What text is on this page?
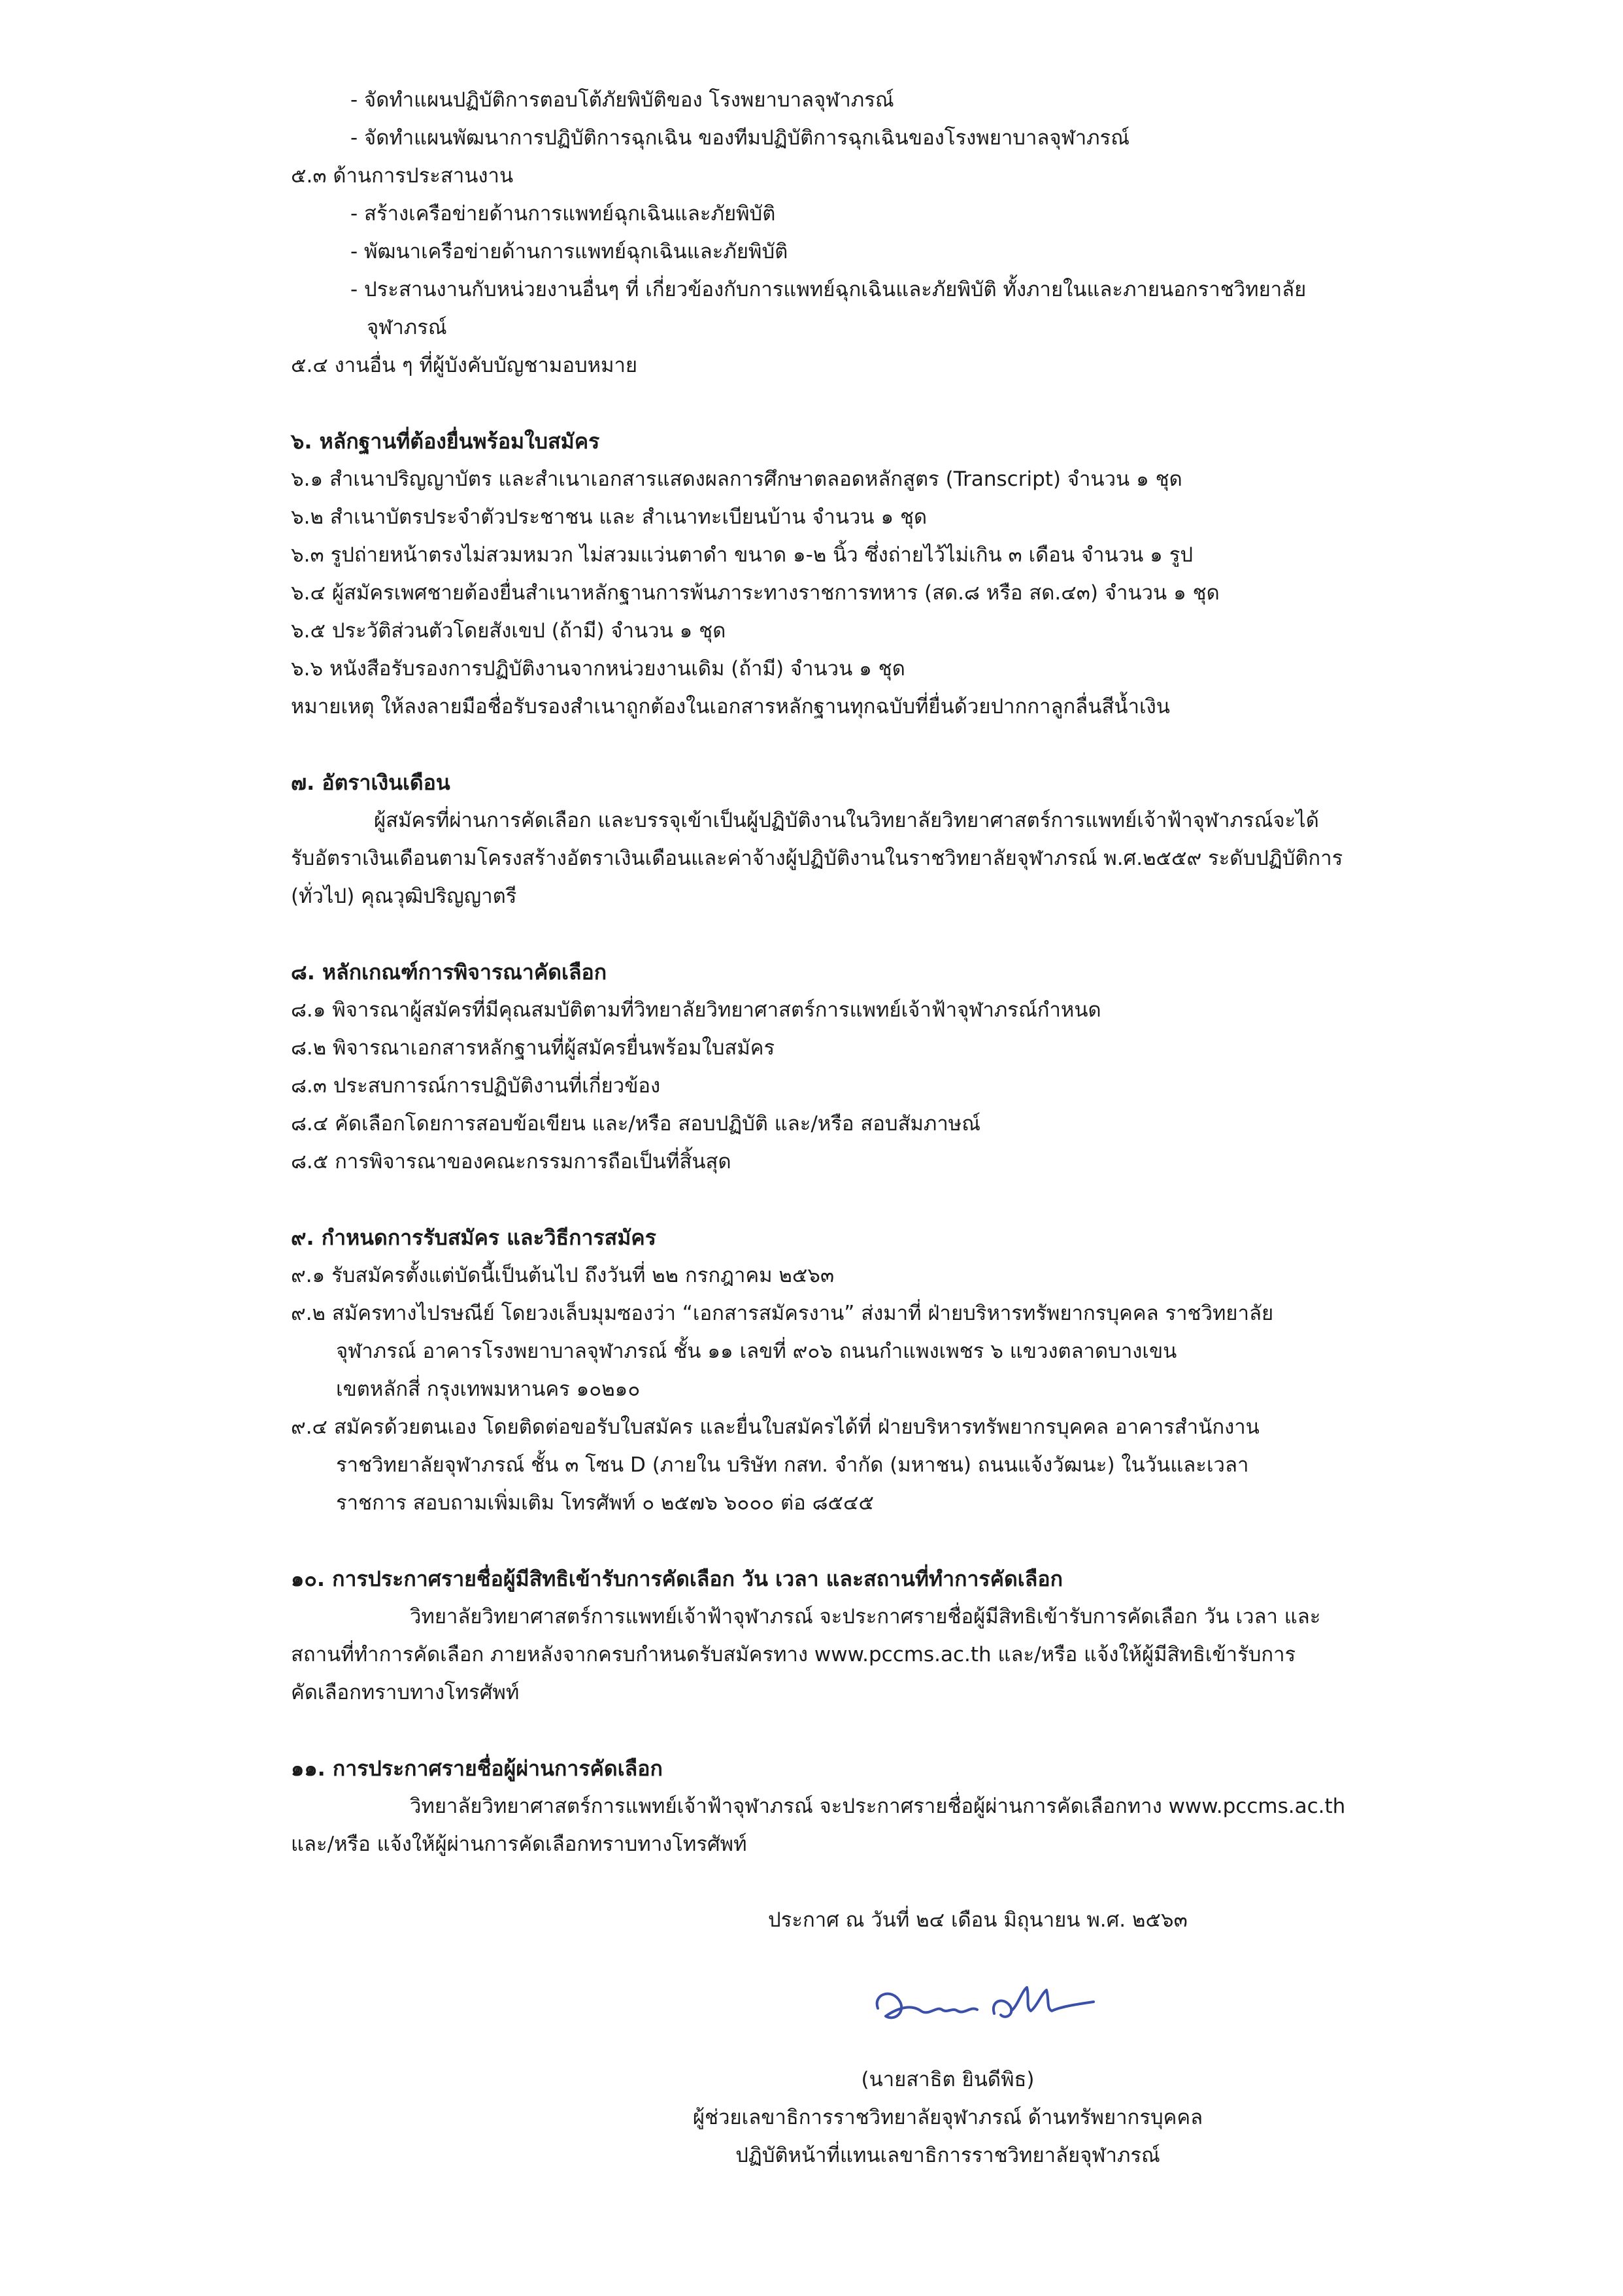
- จัดทำแผนปฏิบัติการตอบโต้ภัยพิบัติของ โรงพยาบาลจุฬาภรณ์
- จัดทำแผนพัฒนาการปฏิบัติการฉุกเฉิน ของทีมปฏิบัติการฉุกเฉินของโรงพยาบาลจุฬาภรณ์
๕.๓ ด้านการประสานงาน
- สร้างเครือข่ายด้านการแพทย์ฉุกเฉินและภัยพิบัติ
- พัฒนาเครือข่ายด้านการแพทย์ฉุกเฉินและภัยพิบัติ
- ประสานงานกับหน่วยงานอื่นๆ ที่ เกี่ยวข้องกับการแพทย์ฉุกเฉินและภัยพิบัติ ทั้งภายในและภายนอกราชวิทยาลัย
จุฬาภรณ์
๕.๔ งานอื่น ๆ ที่ผู้บังคับบัญชามอบหมาย
๖. หลักฐานที่ต้องยื่นพร้อมใบสมัคร
๖.๑ สำเนาปริญญาบัตร และสำเนาเอกสารแสดงผลการศึกษาตลอดหลักสูตร (Transcript) จำนวน ๑ ชุด
๖.๒ สำเนาบัตรประจำตัวประชาชน และ สำเนาทะเบียนบ้าน จำนวน ๑ ชุด
๖.๓ รูปถ่ายหน้าตรงไม่สวมหมวก ไม่สวมแว่นตาดำ ขนาด ๑-๒ นิ้ว ซึ่งถ่ายไว้ไม่เกิน ๓ เดือน จำนวน ๑ รูป
๖.๔ ผู้สมัครเพศชายต้องยื่นสำเนาหลักฐานการพ้นภาระทางราชการทหาร (สด.๘ หรือ สด.๔๓) จำนวน ๑ ชุด
๖.๕ ประวัติส่วนตัวโดยสังเขป (ถ้ามี) จำนวน ๑ ชุด
๖.๖ หนังสือรับรองการปฏิบัติงานจากหน่วยงานเดิม (ถ้ามี) จำนวน ๑ ชุด
หมายเหตุ ให้ลงลายมือชื่อรับรองสำเนาถูกต้องในเอกสารหลักฐานทุกฉบับที่ยื่นด้วยปากกาลูกลื่นสีน้ำเงิน
๗. อัตราเงินเดือน
ผู้สมัครที่ผ่านการคัดเลือก และบรรจุเข้าเป็นผู้ปฏิบัติงานในวิทยาลัยวิทยาศาสตร์การแพทย์เจ้าฟ้าจุฬาภรณ์จะได้
รับอัตราเงินเดือนตามโครงสร้างอัตราเงินเดือนและค่าจ้างผู้ปฏิบัติงานในราชวิทยาลัยจุฬาภรณ์ พ.ศ.๒๕๕๙ ระดับปฏิบัติการ
(ทั่วไป) คุณวุฒิปริญญาตรี
๘. หลักเกณฑ์การพิจารณาคัดเลือก
๘.๑ พิจารณาผู้สมัครที่มีคุณสมบัติตามที่วิทยาลัยวิทยาศาสตร์การแพทย์เจ้าฟ้าจุฬาภรณ์กำหนด
๘.๒ พิจารณาเอกสารหลักฐานที่ผู้สมัครยื่นพร้อมใบสมัคร
๘.๓ ประสบการณ์การปฏิบัติงานที่เกี่ยวข้อง
๘.๔ คัดเลือกโดยการสอบข้อเขียน และ/หรือ สอบปฏิบัติ และ/หรือ สอบสัมภาษณ์
๘.๕ การพิจารณาของคณะกรรมการถือเป็นที่สิ้นสุด
๙. กำหนดการรับสมัคร และวิธีการสมัคร
๙.๑ รับสมัครตั้งแต่บัดนี้เป็นต้นไป ถึงวันที่ ๒๒ กรกฎาคม ๒๕๖๓
๙.๒ สมัครทางไปรษณีย์ โดยวงเล็บมุมซองว่า “เอกสารสมัครงาน” ส่งมาที่ ฝ่ายบริหารทรัพยากรบุคคล ราชวิทยาลัย
จุฬาภรณ์ อาคารโรงพยาบาลจุฬาภรณ์ ชั้น ๑๑ เลขที่ ๙๐๖ ถนนกำแพงเพชร ๖ แขวงตลาดบางเขน
เขตหลักสี่ กรุงเทพมหานคร ๑๐๒๑๐
๙.๔ สมัครด้วยตนเอง โดยติดต่อขอรับใบสมัคร และยื่นใบสมัครได้ที่ ฝ่ายบริหารทรัพยากรบุคคล อาคารสำนักงาน
ราชวิทยาลัยจุฬาภรณ์ ชั้น ๓ โซน D (ภายใน บริษัท กสท. จำกัด (มหาชน) ถนนแจ้งวัฒนะ) ในวันและเวลา
ราชการ สอบถามเพิ่มเติม โทรศัพท์ ๐ ๒๕๗๖ ๖๐๐๐ ต่อ ๘๕๔๕
๑๐. การประกาศรายชื่อผู้มีสิทธิเข้ารับการคัดเลือก วัน เวลา และสถานที่ทำการคัดเลือก
วิทยาลัยวิทยาศาสตร์การแพทย์เจ้าฟ้าจุฬาภรณ์ จะประกาศรายชื่อผู้มีสิทธิเข้ารับการคัดเลือก วัน เวลา และ
สถานที่ทำการคัดเลือก ภายหลังจากครบกำหนดรับสมัครทาง www.pccms.ac.th และ/หรือ แจ้งให้ผู้มีสิทธิเข้ารับการ
คัดเลือกทราบทางโทรศัพท์
๑๑. การประกาศรายชื่อผู้ผ่านการคัดเลือก
วิทยาลัยวิทยาศาสตร์การแพทย์เจ้าฟ้าจุฬาภรณ์ จะประกาศรายชื่อผู้ผ่านการคัดเลือกทาง www.pccms.ac.th
และ/หรือ แจ้งให้ผู้ผ่านการคัดเลือกทราบทางโทรศัพท์
ประกาศ ณ วันที่ ๒๔ เดือน มิถุนายน พ.ศ. ๒๕๖๓
(นายสาธิต ยินดีพิธ)
ผู้ช่วยเลขาธิการราชวิทยาลัยจุฬาภรณ์ ด้านทรัพยากรบุคคล
ปฏิบัติหน้าที่แทนเลขาธิการราชวิทยาลัยจุฬาภรณ์
